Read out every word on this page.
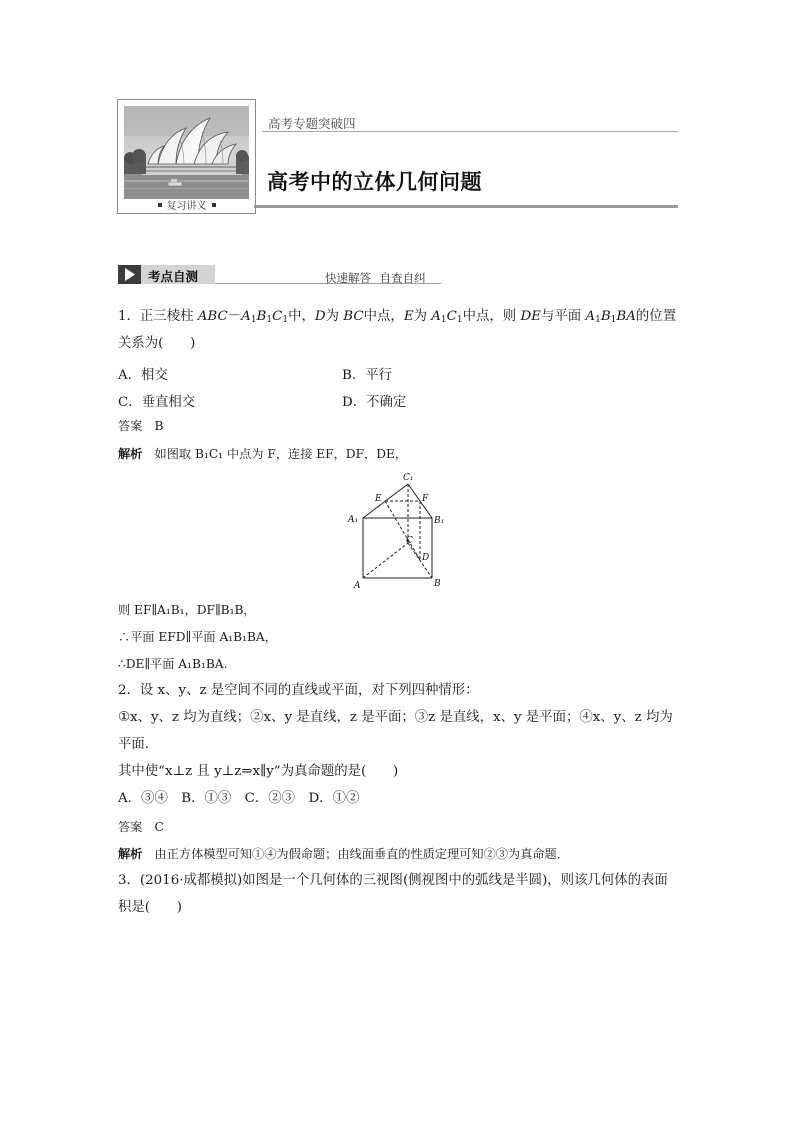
复习讲义
高考专题突破四
高考中的立体几何问题
考点自测	快速解答 自查自纠
1．正三棱柱 $ABC-A_1B_1C_1$中，D为 BC中点，E为 $A_1C_1$中点，则 DE与平面 $A_1B_1BA$的位置
关系为(　　)
A．相交	B．平行
C．垂直相交	D．不确定
答案　B
解析　如图取 B₁C₁ 中点为 F，连接 EF，DF，DE，
C₁
E	F
A₁	B₁
C
D
A	B
则 EF∥A₁B₁，DF∥B₁B，
∴平面 EFD∥平面 A₁B₁BA，
∴DE∥平面 A₁B₁BA.
2．设 x、y、z 是空间不同的直线或平面，对下列四种情形：
①x、y、z 均为直线；②x、y 是直线，z 是平面；③z 是直线，x、y 是平面；④x、y、z 均为
平面．
其中使“x⊥z 且 y⊥z⇒x∥y”为真命题的是(　　)
A．③④　B．①③　C．②③　D．①②
答案　C
解析　由正方体模型可知①④为假命题；由线面垂直的性质定理可知②③为真命题．
3．(2016·成都模拟)如图是一个几何体的三视图(侧视图中的弧线是半圆)，则该几何体的表面
积是(　　)
